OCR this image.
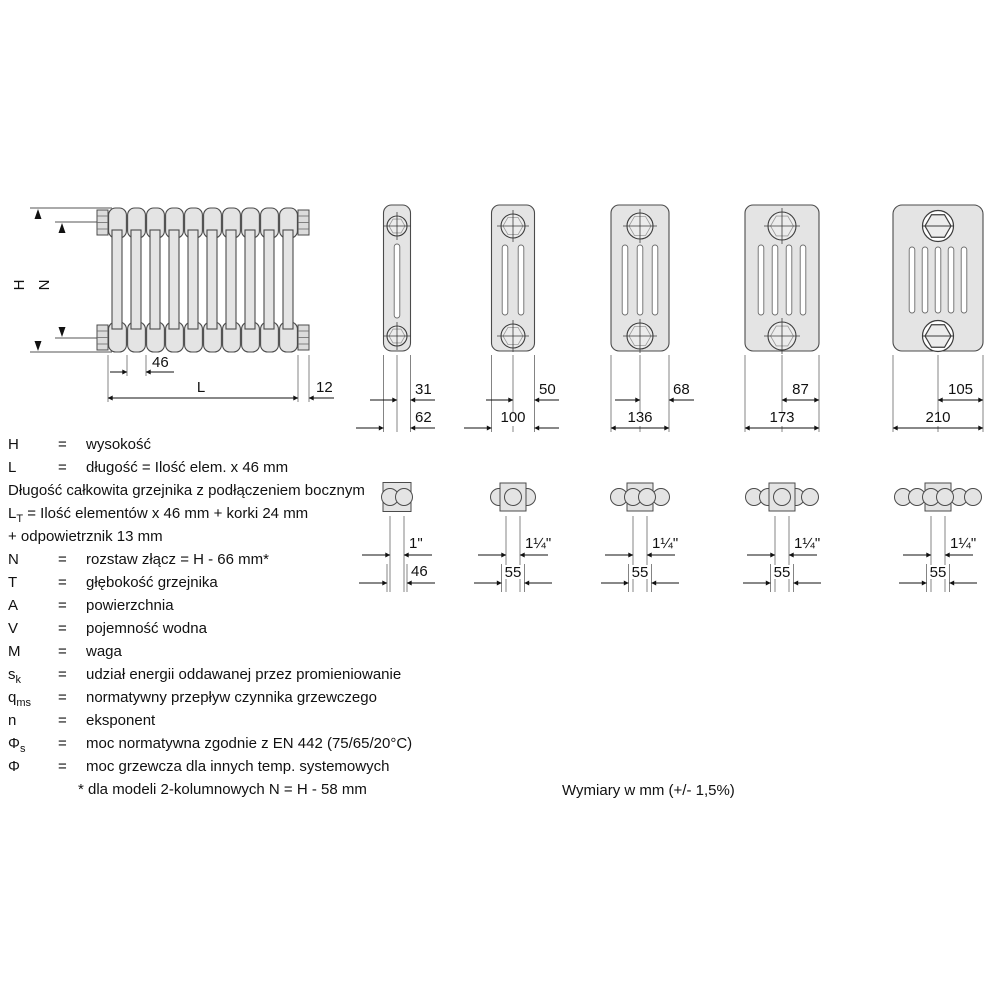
H N
46
L	12	31
62
50
100
68
136
87
173
105
210
1"
46
1¼"
55
1¼"
55
1¼"
55
1¼"
55
H	=	wysokość
L	=	długość = Ilość elem. x 46 mm
Długość całkowita grzejnika z podłączeniem bocznym
$L_T$ = Ilość elementów x 46 mm + korki 24 mm
+ odpowietrznik 13 mm
N	=	rozstaw złącz = H - 66 mm*
T	=	głębokość grzejnika
A	=	powierzchnia
V	=	pojemność wodna
M	=	waga
$s_k$	=	udział energii oddawanej przez promieniowanie
$q_{ms}$	=	normatywny przepływ czynnika grzewczego
n	=	eksponent
$\Phi_s$	=	moc normatywna zgodnie z EN 442 (75/65/20°C)
Φ	=	moc grzewcza dla innych temp. systemowych
* dla modeli 2-kolumnowych N = H - 58 mm	Wymiary w mm (+/- 1,5%)
